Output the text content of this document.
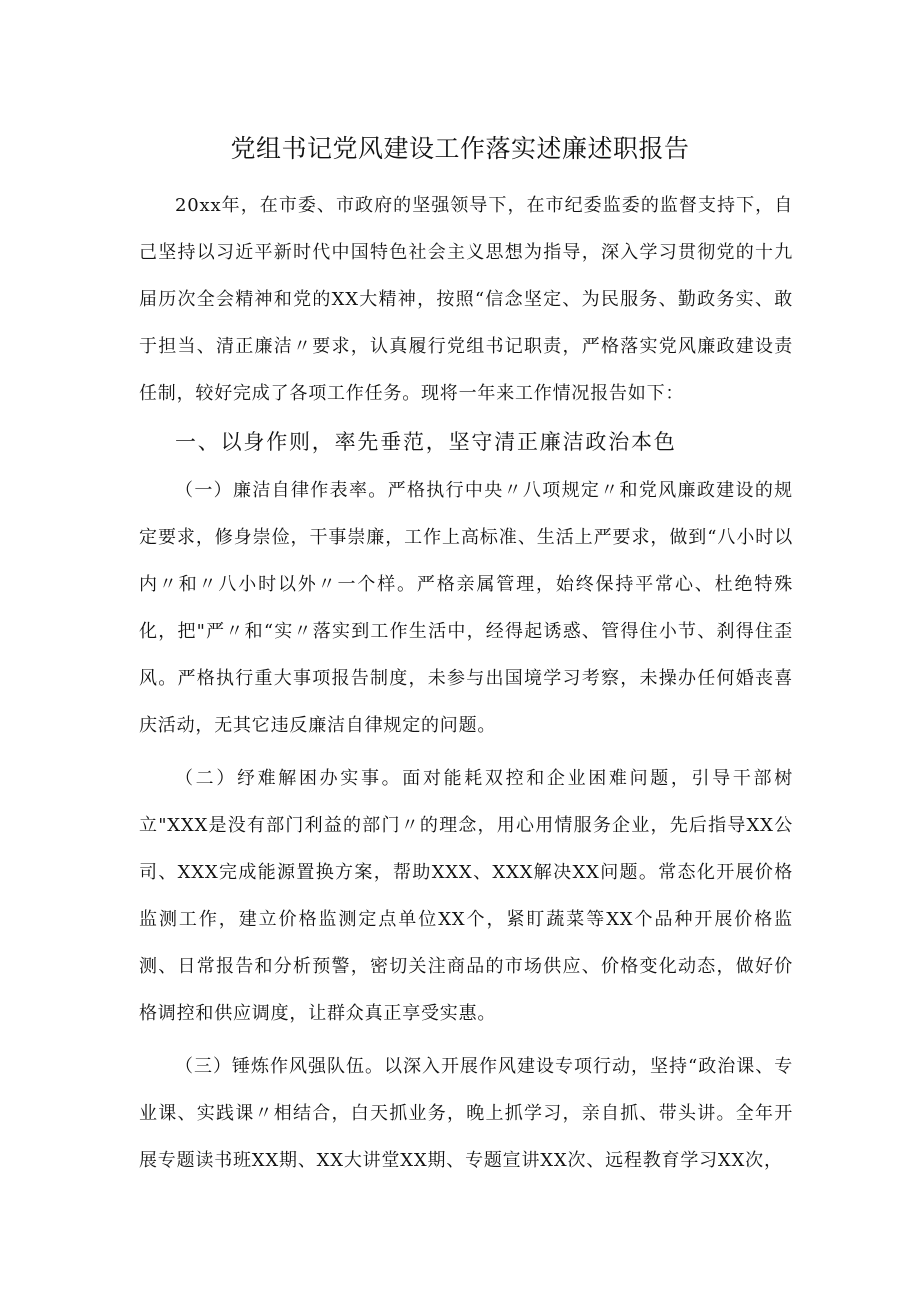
党组书记党风建设工作落实述廉述职报告

20xx年，在市委、市政府的坚强领导下，在市纪委监委的监督支持下，自己坚持以习近平新时代中国特色社会主义思想为指导，深入学习贯彻党的十九届历次全会精神和党的XX大精神，按照“信念坚定、为民服务、勤政务实、敢于担当、清正廉洁〃要求，认真履行党组书记职责，严格落实党风廉政建设责任制，较好完成了各项工作任务。现将一年来工作情况报告如下：

一、以身作则，率先垂范，坚守清正廉洁政治本色

（一）廉洁自律作表率。严格执行中央〃八项规定〃和党风廉政建设的规定要求，修身崇俭，干事崇廉，工作上高标准、生活上严要求，做到“八小时以内〃和〃八小时以外〃一个样。严格亲属管理，始终保持平常心、杜绝特殊化，把"严〃和“实〃落实到工作生活中，经得起诱惑、管得住小节、刹得住歪风。严格执行重大事项报告制度，未参与出国境学习考察，未操办任何婚丧喜庆活动，无其它违反廉洁自律规定的问题。

（二）纾难解困办实事。面对能耗双控和企业困难问题，引导干部树立"XXX是没有部门利益的部门〃的理念，用心用情服务企业，先后指导XX公司、XXX完成能源置换方案，帮助XXX、XXX解决XX问题。常态化开展价格监测工作，建立价格监测定点单位XX个，紧盯蔬菜等XX个品种开展价格监测、日常报告和分析预警，密切关注商品的市场供应、价格变化动态，做好价格调控和供应调度，让群众真正享受实惠。

（三）锤炼作风强队伍。以深入开展作风建设专项行动，坚持“政治课、专业课、实践课〃相结合，白天抓业务，晚上抓学习，亲自抓、带头讲。全年开展专题读书班XX期、XX大讲堂XX期、专题宣讲XX次、远程教育学习XX次，
